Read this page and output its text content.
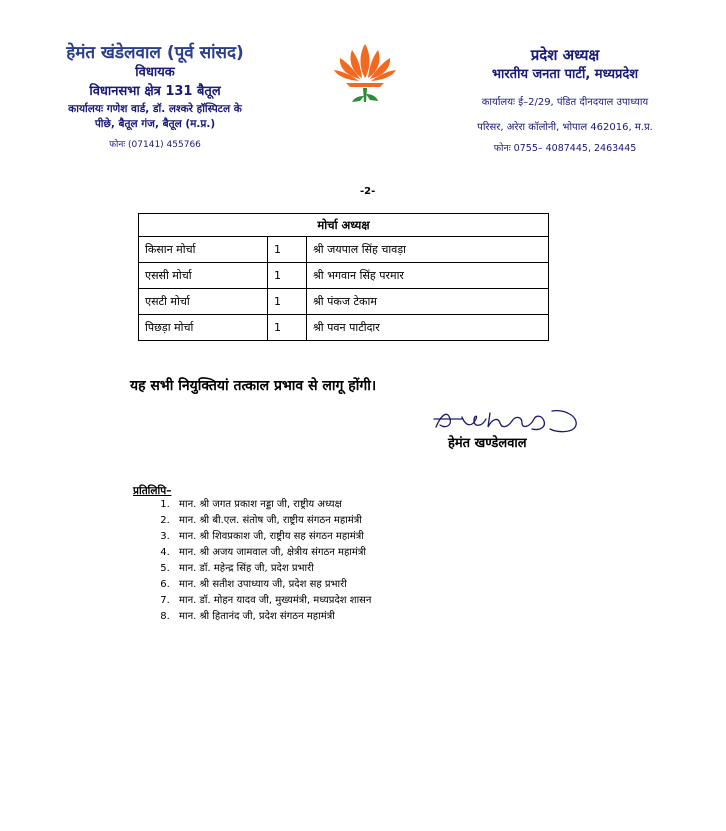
हेमंत खंडेलवाल (पूर्व सांसद)
विधायक
विधानसभा क्षेत्र 131 बैतूल
कार्यालयः गणेश वार्ड, डॉ. लश्करे हॉस्पिटल के
पीछे, बैतूल गंज, बैतूल (म.प्र.)
फोनः (07141) 455766
प्रदेश अध्यक्ष
भारतीय जनता पार्टी, मध्यप्रदेश
कार्यालयः ई–2/29, पंडित दीनदयाल उपाध्याय
परिसर, अरेरा कॉलोनी, भोपाल 462016, म.प्र.
फोनः 0755– 4087445, 2463445
-2-
मोर्चा अध्यक्ष		
किसान मोर्चा	1	श्री जयपाल सिंह चावड़ा
एससी मोर्चा	1	श्री भगवान सिंह परमार
एसटी मोर्चा	1	श्री पंकज टेकाम
पिछड़ा मोर्चा	1	श्री पवन पाटीदार
यह सभी नियुक्तियां तत्काल प्रभाव से लागू होंगी।
हेमंत खण्डेलवाल
प्रतिलिपि–
1. मान. श्री जगत प्रकाश नड्डा जी, राष्ट्रीय अध्यक्ष
2. मान. श्री बी.एल. संतोष जी, राष्ट्रीय संगठन महामंत्री
3. मान. श्री शिवप्रकाश जी, राष्ट्रीय सह संगठन महामंत्री
4. मान. श्री अजय जामवाल जी, क्षेत्रीय संगठन महामंत्री
5. मान. डॉ. महेन्द्र सिंह जी, प्रदेश प्रभारी
6. मान. श्री सतीश उपाध्याय जी, प्रदेश सह प्रभारी
7. मान. डॉ. मोहन यादव जी, मुख्यमंत्री, मध्यप्रदेश शासन
8. मान. श्री हितानंद जी, प्रदेश संगठन महामंत्री
